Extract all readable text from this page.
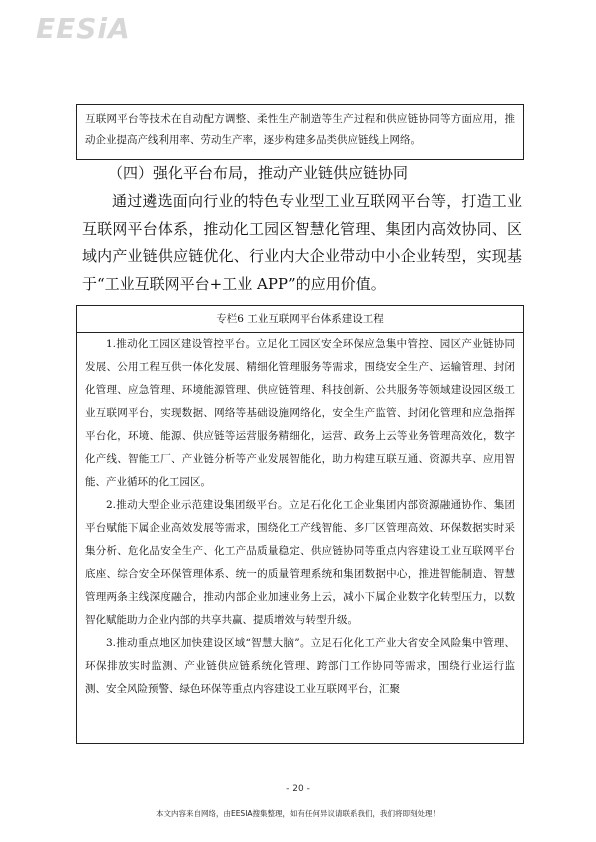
EESiA

互联网平台等技术在自动配方调整、柔性生产制造等生产过程和供应链协同等方面应用，推动企业提高产线利用率、劳动生产率，逐步构建多品类供应链线上网络。

（四）强化平台布局，推动产业链供应链协同

通过遴选面向行业的特色专业型工业互联网平台等，打造工业互联网平台体系，推动化工园区智慧化管理、集团内高效协同、区域内产业链供应链优化、行业内大企业带动中小企业转型，实现基于“工业互联网平台+工业 APP”的应用价值。

专栏6 工业互联网平台体系建设工程

1.推动化工园区建设管控平台。立足化工园区安全环保应急集中管控、园区产业链协同发展、公用工程互供一体化发展、精细化管理服务等需求，围绕安全生产、运输管理、封闭化管理、应急管理、环境能源管理、供应链管理、科技创新、公共服务等领域建设园区级工业互联网平台，实现数据、网络等基础设施网络化，安全生产监管、封闭化管理和应急指挥平台化，环境、能源、供应链等运营服务精细化，运营、政务上云等业务管理高效化，数字化产线、智能工厂、产业链分析等产业发展智能化，助力构建互联互通、资源共享、应用智能、产业循环的化工园区。

2.推动大型企业示范建设集团级平台。立足石化化工企业集团内部资源融通协作、集团平台赋能下属企业高效发展等需求，围绕化工产线智能、多厂区管理高效、环保数据实时采集分析、危化品安全生产、化工产品质量稳定、供应链协同等重点内容建设工业互联网平台底座、综合安全环保管理体系、统一的质量管理系统和集团数据中心，推进智能制造、智慧管理两条主线深度融合，推动内部企业加速业务上云，减小下属企业数字化转型压力，以数智化赋能助力企业内部的共享共赢、提质增效与转型升级。

3.推动重点地区加快建设区域“智慧大脑”。立足石化化工产业大省安全风险集中管理、环保排放实时监测、产业链供应链系统化管理、跨部门工作协同等需求，围绕行业运行监测、安全风险预警、绿色环保等重点内容建设工业互联网平台，汇聚

- 20 -
本文内容来自网络，由EESIA搜集整理，如有任何异议请联系我们，我们将即刻处理！
